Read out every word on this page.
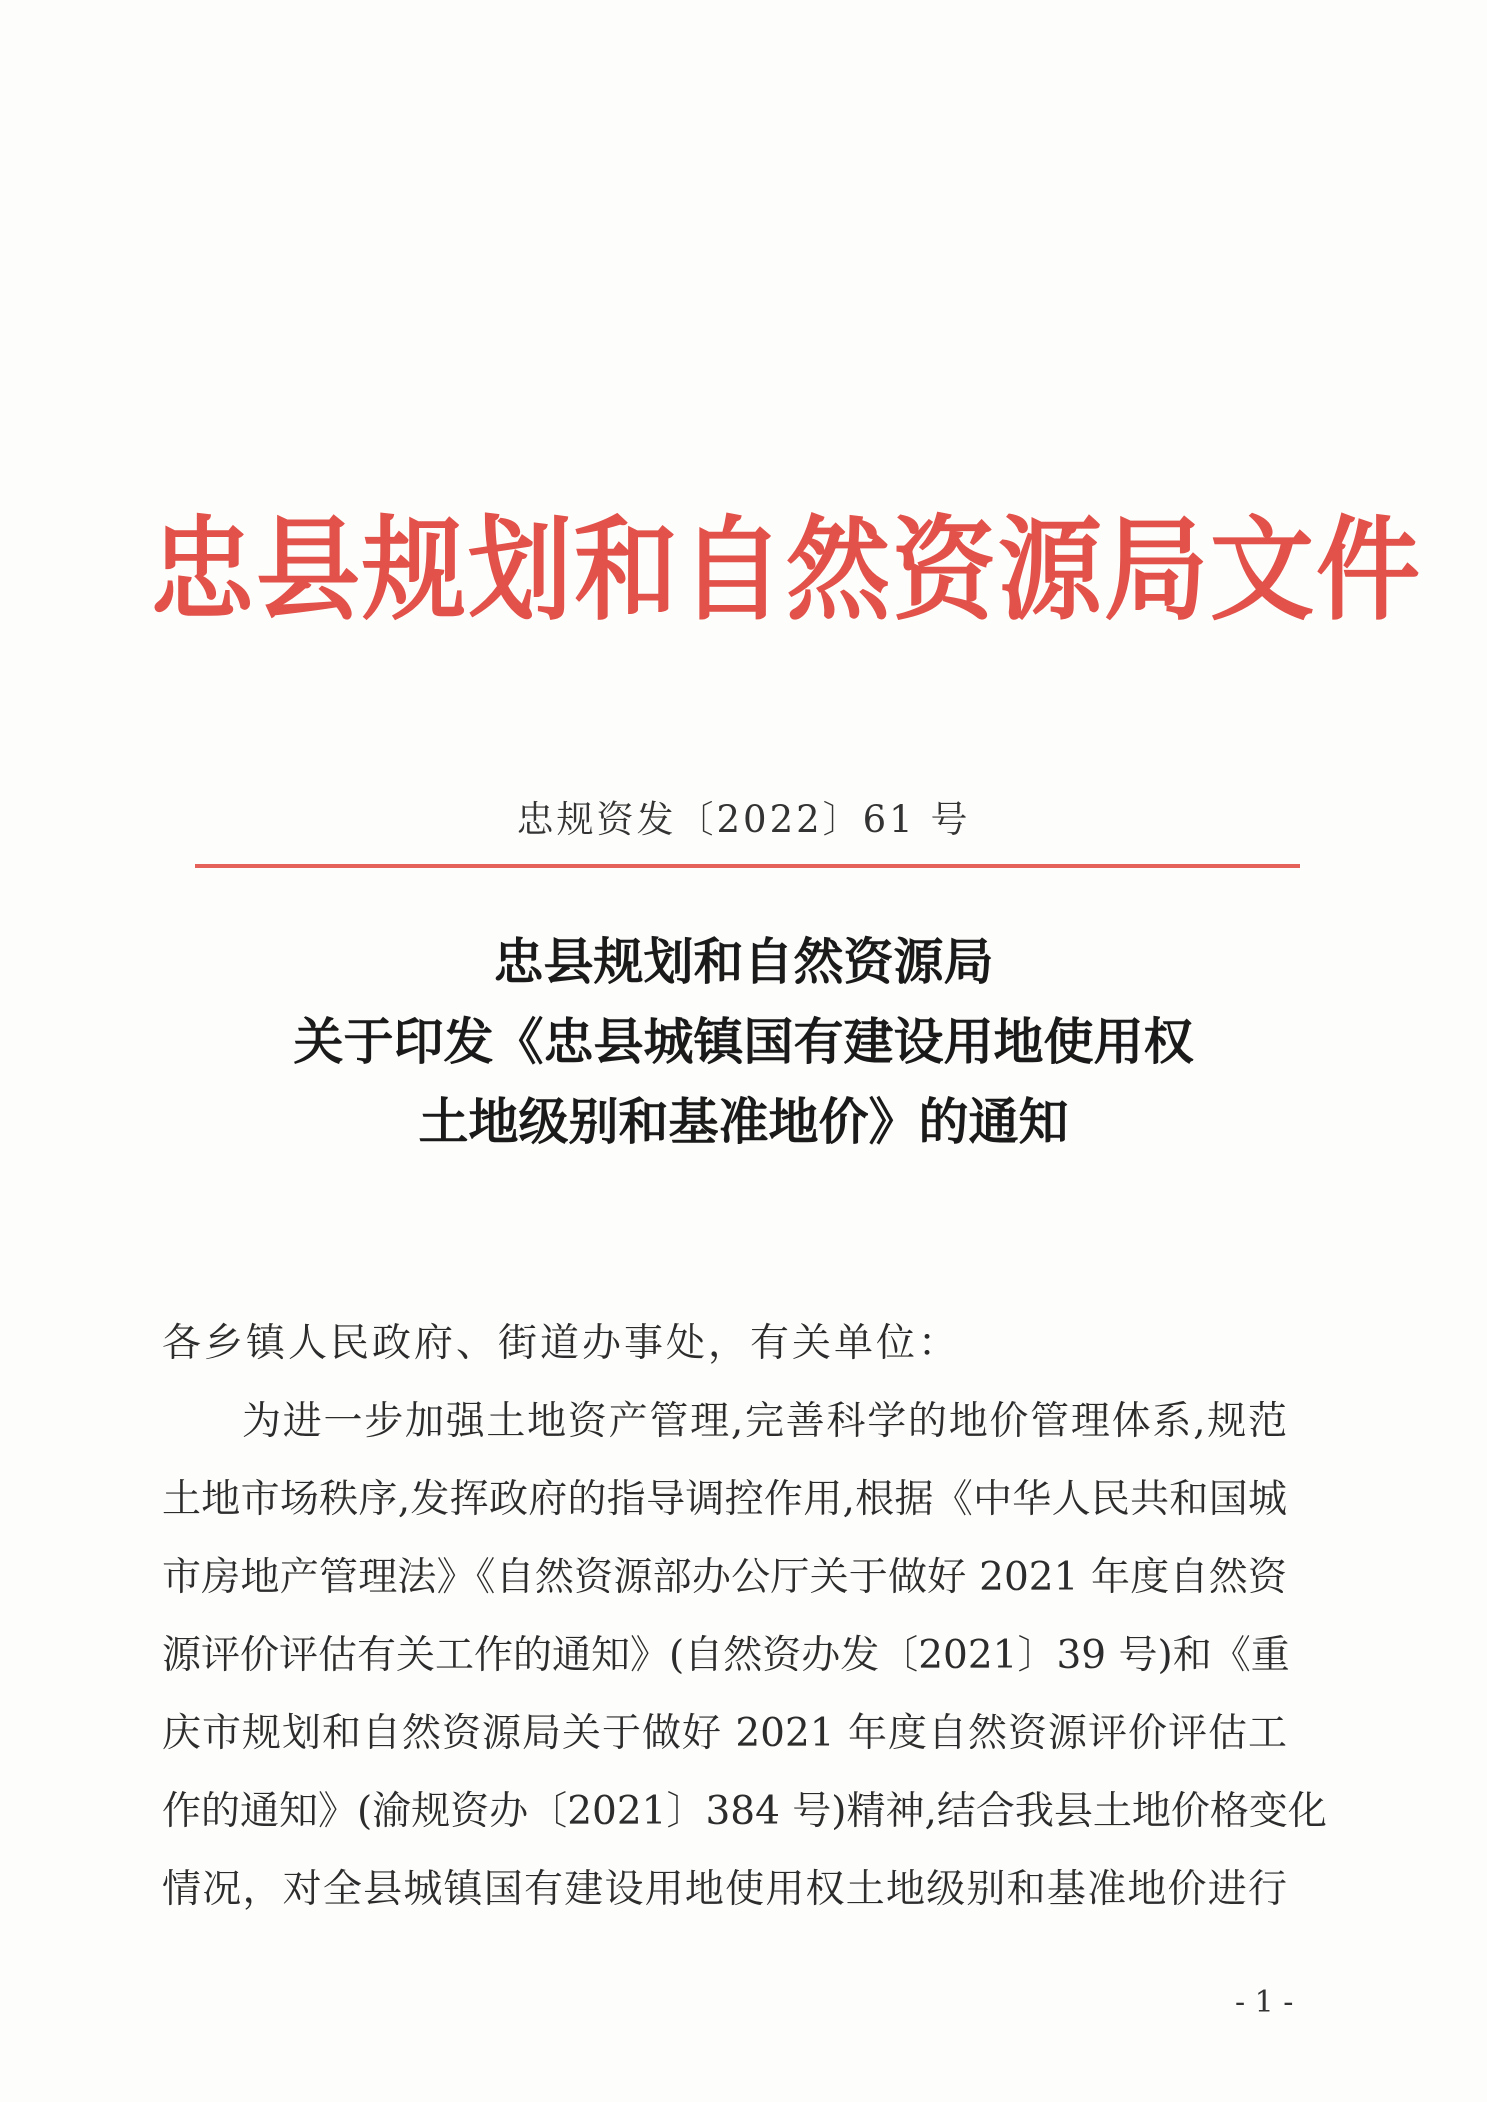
忠县规划和自然资源局文件
忠规资发〔2022〕61 号
忠县规划和自然资源局
关于印发《忠县城镇国有建设用地使用权
土地级别和基准地价》的通知
各乡镇人民政府、街道办事处，有关单位：
为进一步加强土地资产管理,完善科学的地价管理体系,规范
土地市场秩序,发挥政府的指导调控作用,根据《中华人民共和国城
市房地产管理法》《自然资源部办公厅关于做好 2021 年度自然资
源评价评估有关工作的通知》(自然资办发〔2021〕39 号)和《重
庆市规划和自然资源局关于做好 2021 年度自然资源评价评估工
作的通知》(渝规资办〔2021〕384 号)精神,结合我县土地价格变化
情况，对全县城镇国有建设用地使用权土地级别和基准地价进行
- 1 -
